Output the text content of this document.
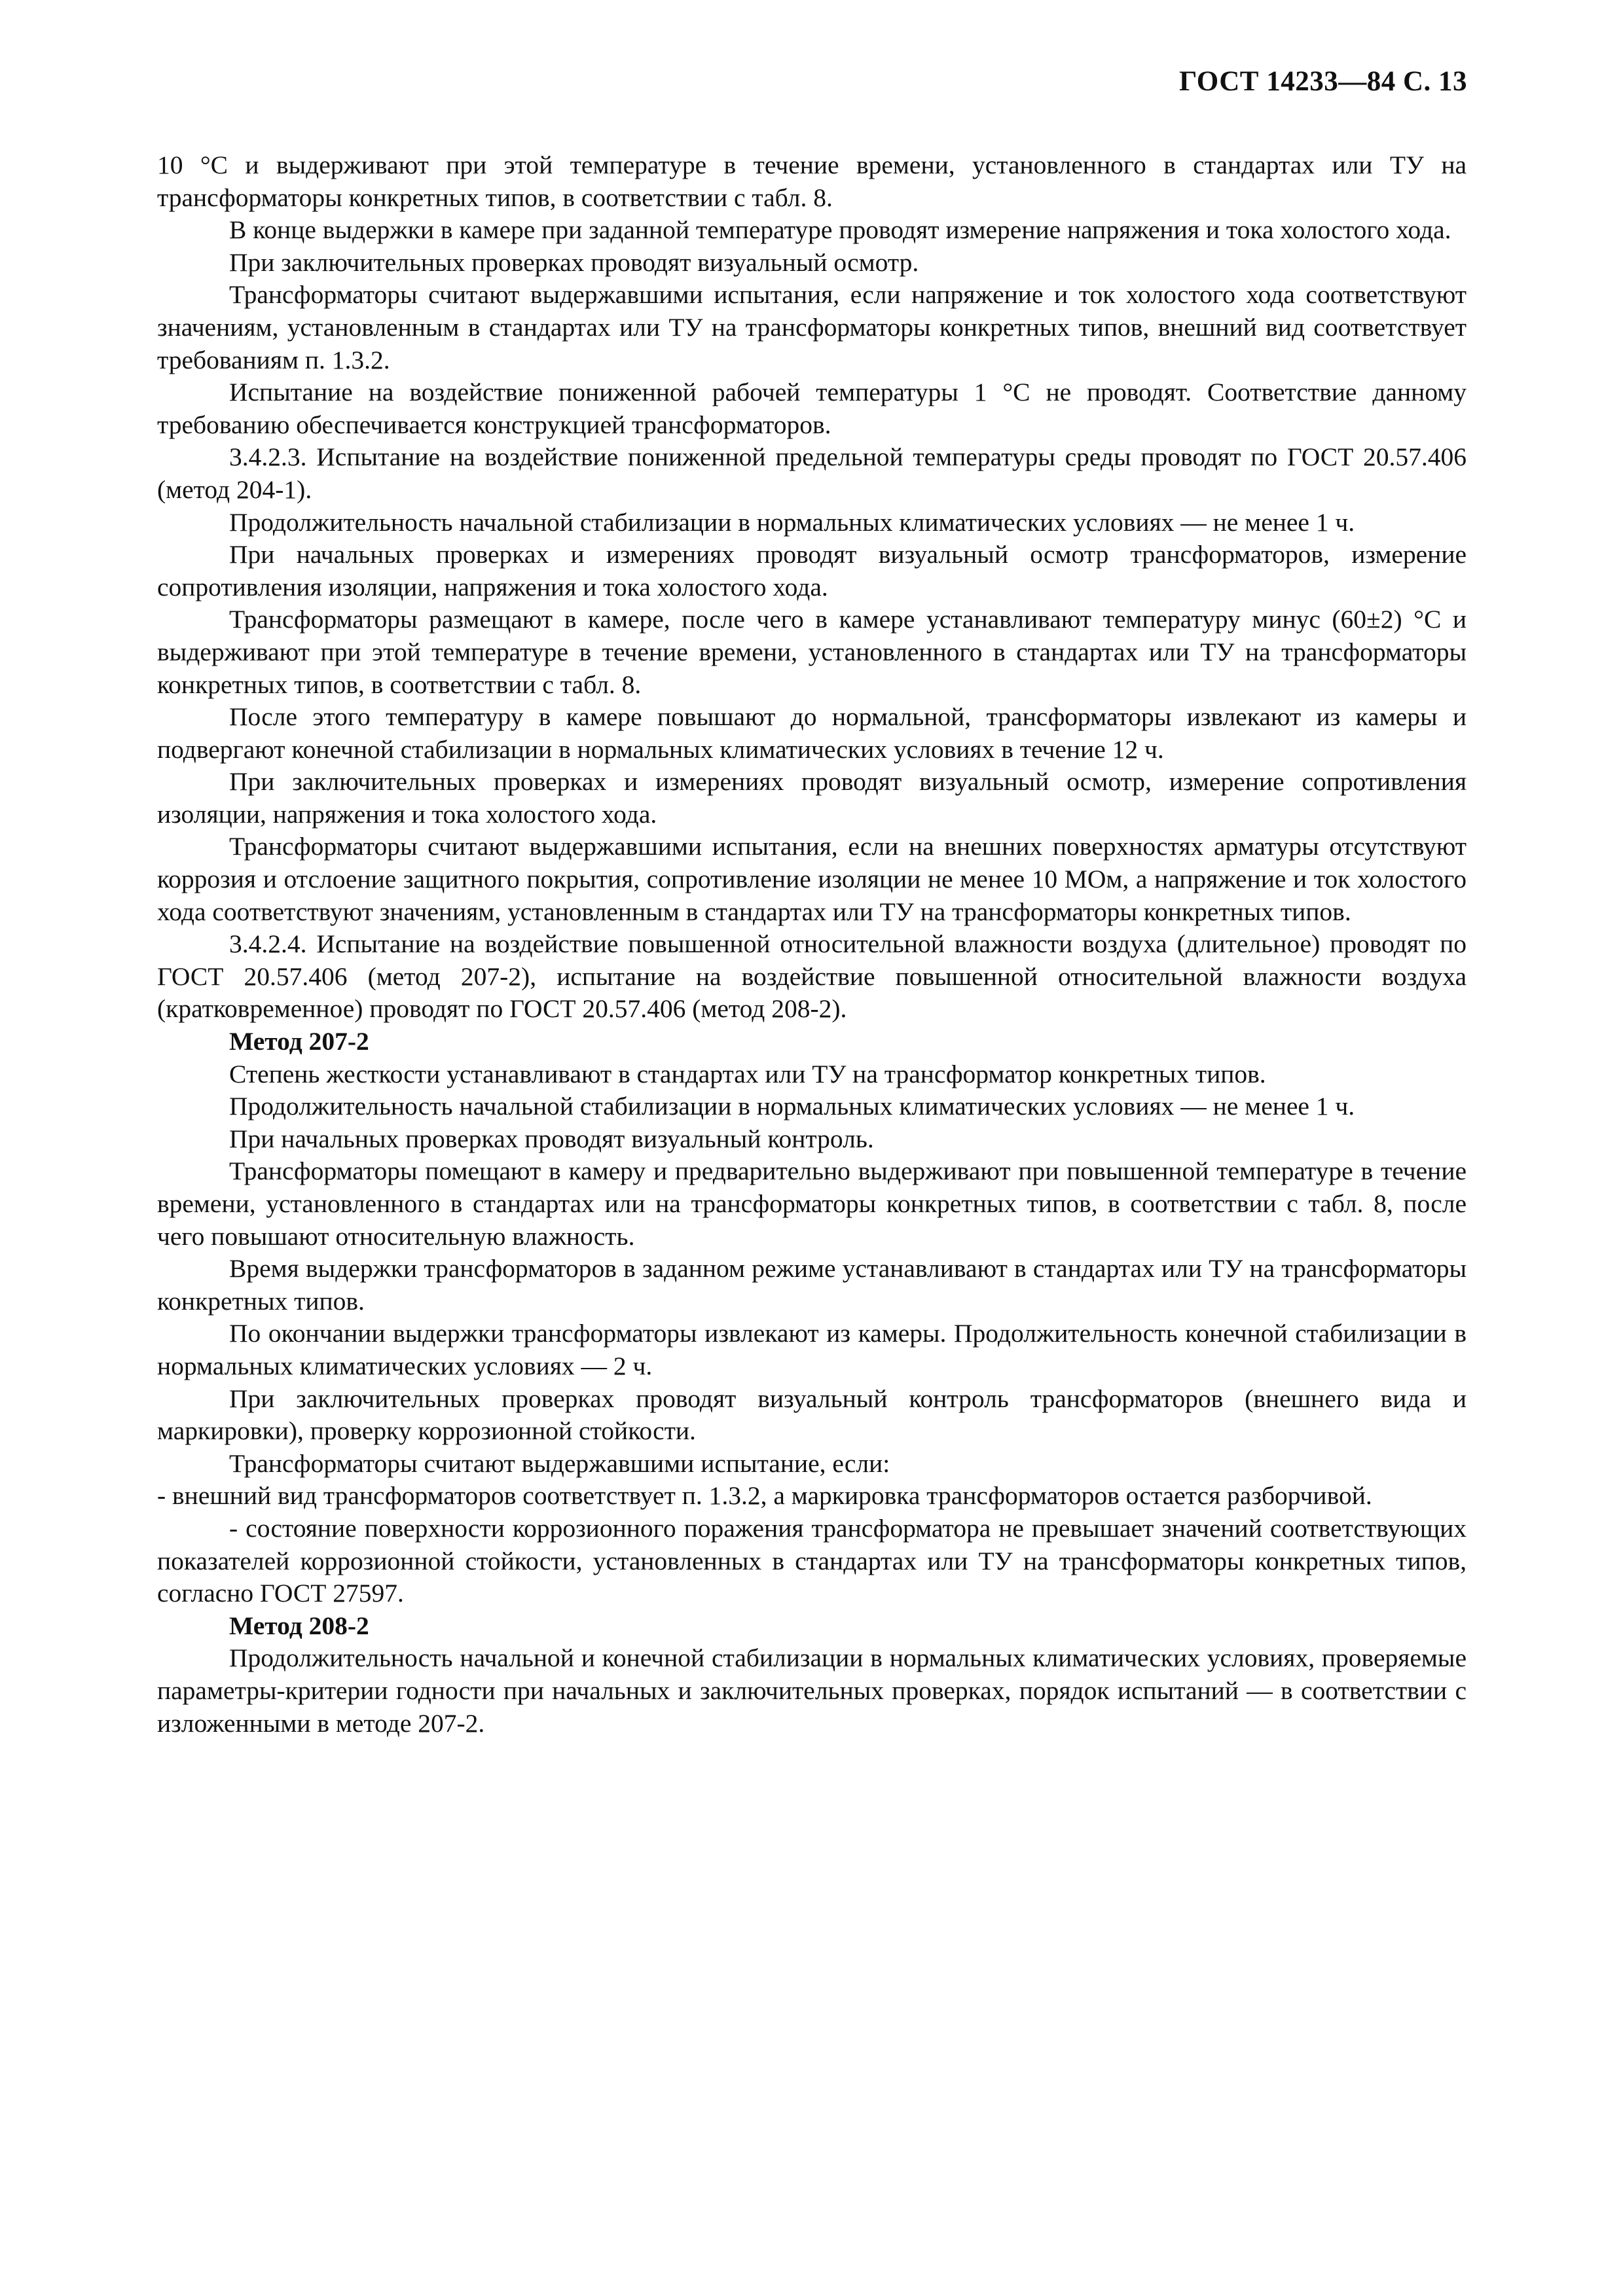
ГОСТ 14233—84 С. 13

10 °С и выдерживают при этой температуре в течение времени, установленного в стандартах или ТУ на трансформаторы конкретных типов, в соответствии с табл. 8.

В конце выдержки в камере при заданной температуре проводят измерение напряжения и тока холостого хода.

При заключительных проверках проводят визуальный осмотр.

Трансформаторы считают выдержавшими испытания, если напряжение и ток холостого хода соответствуют значениям, установленным в стандартах или ТУ на трансформаторы конкретных типов, внешний вид соответствует требованиям п. 1.3.2.

Испытание на воздействие пониженной рабочей температуры 1 °С не проводят. Соответствие данному требованию обеспечивается конструкцией трансформаторов.

3.4.2.3. Испытание на воздействие пониженной предельной температуры среды проводят по ГОСТ 20.57.406 (метод 204-1).

Продолжительность начальной стабилизации в нормальных климатических условиях — не менее 1 ч.

При начальных проверках и измерениях проводят визуальный осмотр трансформаторов, измерение сопротивления изоляции, напряжения и тока холостого хода.

Трансформаторы размещают в камере, после чего в камере устанавливают температуру минус (60±2) °С и выдерживают при этой температуре в течение времени, установленного в стандартах или ТУ на трансформаторы конкретных типов, в соответствии с табл. 8.

После этого температуру в камере повышают до нормальной, трансформаторы извлекают из камеры и подвергают конечной стабилизации в нормальных климатических условиях в течение 12 ч.

При заключительных проверках и измерениях проводят визуальный осмотр, измерение сопротивления изоляции, напряжения и тока холостого хода.

Трансформаторы считают выдержавшими испытания, если на внешних поверхностях арматуры отсутствуют коррозия и отслоение защитного покрытия, сопротивление изоляции не менее 10 МОм, а напряжение и ток холостого хода соответствуют значениям, установленным в стандартах или ТУ на трансформаторы конкретных типов.

3.4.2.4. Испытание на воздействие повышенной относительной влажности воздуха (длительное) проводят по ГОСТ 20.57.406 (метод 207-2), испытание на воздействие повышенной относительной влажности воздуха (кратковременное) проводят по ГОСТ 20.57.406 (метод 208-2).

Метод 207-2

Степень жесткости устанавливают в стандартах или ТУ на трансформатор конкретных типов.

Продолжительность начальной стабилизации в нормальных климатических условиях — не менее 1 ч.

При начальных проверках проводят визуальный контроль.

Трансформаторы помещают в камеру и предварительно выдерживают при повышенной температуре в течение времени, установленного в стандартах или на трансформаторы конкретных типов, в соответствии с табл. 8, после чего повышают относительную влажность.

Время выдержки трансформаторов в заданном режиме устанавливают в стандартах или ТУ на трансформаторы конкретных типов.

По окончании выдержки трансформаторы извлекают из камеры. Продолжительность конечной стабилизации в нормальных климатических условиях — 2 ч.

При заключительных проверках проводят визуальный контроль трансформаторов (внешнего вида и маркировки), проверку коррозионной стойкости.

Трансформаторы считают выдержавшими испытание, если:

- внешний вид трансформаторов соответствует п. 1.3.2, а маркировка трансформаторов остается разборчивой.

- состояние поверхности коррозионного поражения трансформатора не превышает значений соответствующих показателей коррозионной стойкости, установленных в стандартах или ТУ на трансформаторы конкретных типов, согласно ГОСТ 27597.

Метод 208-2

Продолжительность начальной и конечной стабилизации в нормальных климатических условиях, проверяемые параметры-критерии годности при начальных и заключительных проверках, порядок испытаний — в соответствии с изложенными в методе 207-2.
